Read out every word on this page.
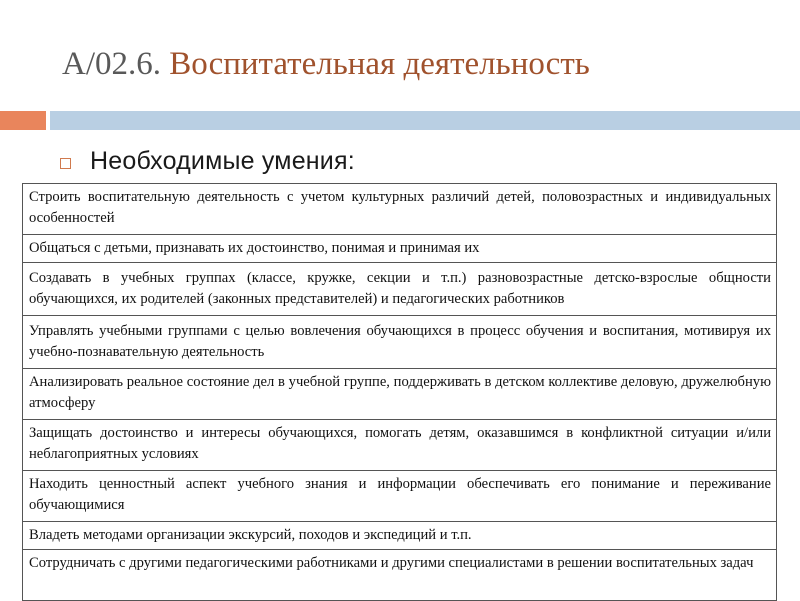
А/02.6. Воспитательная деятельность
Необходимые умения:
Строить воспитательную деятельность с учетом культурных различий детей, половозрастных и индивидуальных особенностей
Общаться с детьми, признавать их достоинство, понимая и принимая их
Создавать в учебных группах (классе, кружке, секции и т.п.) разновозрастные детско-взрослые общности обучающихся, их родителей (законных представителей) и педагогических работников
Управлять учебными группами с целью вовлечения обучающихся в процесс обучения и воспитания, мотивируя их учебно-познавательную деятельность
Анализировать реальное состояние дел в учебной группе, поддерживать в детском коллективе деловую, дружелюбную атмосферу
Защищать достоинство и интересы обучающихся, помогать детям, оказавшимся в конфликтной ситуации и/или неблагоприятных условиях
Находить ценностный аспект учебного знания и информации обеспечивать его понимание и переживание обучающимися
Владеть методами организации экскурсий, походов и экспедиций и т.п.
Сотрудничать с другими педагогическими работниками и другими специалистами в решении воспитательных задач
